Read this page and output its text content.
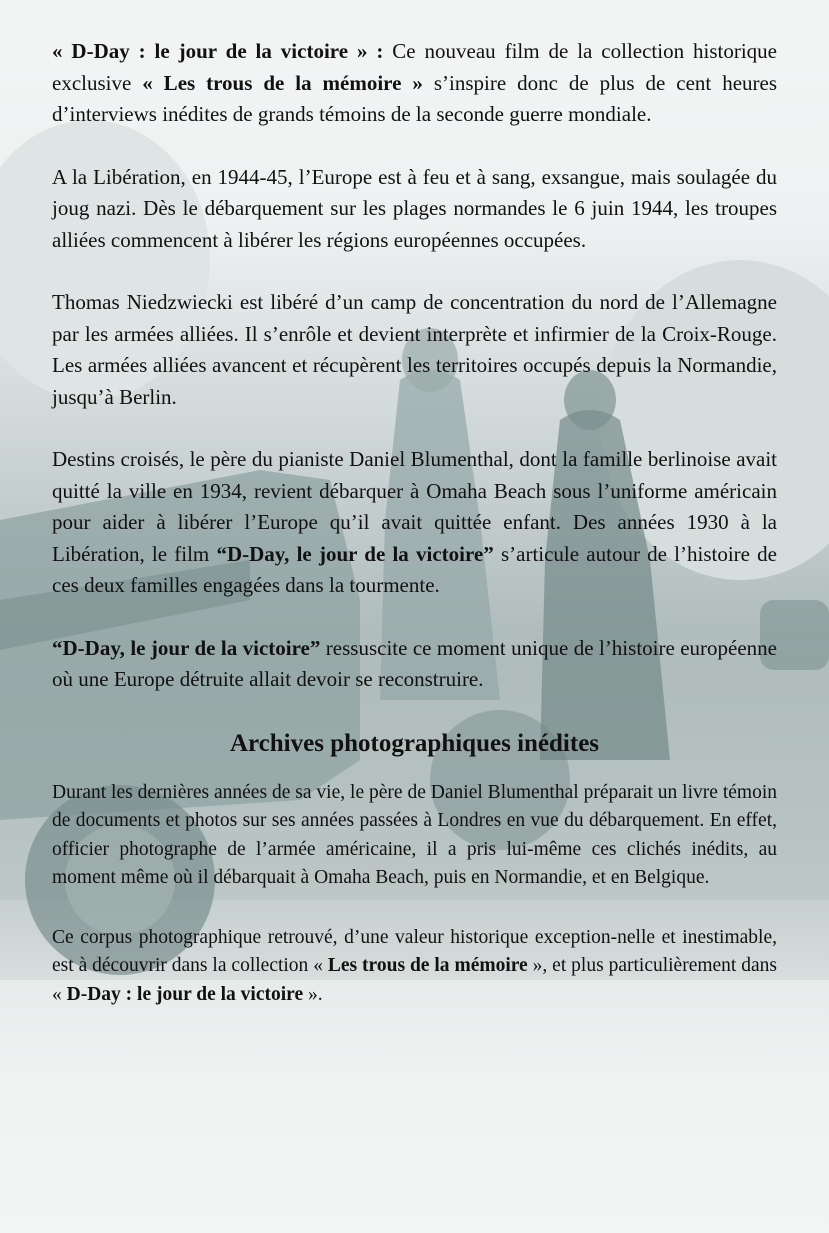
« D-Day : le jour de la victoire » : Ce nouveau film de la collection historique exclusive « Les trous de la mémoire » s’inspire donc de plus de cent heures d’interviews inédites de grands témoins de la seconde guerre mondiale.

A la Libération, en 1944-45, l’Europe est à feu et à sang, exsangue, mais soulagée du joug nazi. Dès le débarquement sur les plages normandes le 6 juin 1944, les troupes alliées commencent à libérer les régions européennes occupées.

Thomas Niedzwiecki est libéré d’un camp de concentration du nord de l’Allemagne par les armées alliées. Il s’enrôle et devient interprète et infirmier de la Croix-Rouge. Les armées alliées avancent et récupèrent les territoires occupés depuis la Normandie, jusqu’à Berlin.

Destins croisés, le père du pianiste Daniel Blumenthal, dont la famille berlinoise avait quitté la ville en 1934, revient débarquer à Omaha Beach sous l’uniforme américain pour aider à libérer l’Europe qu’il avait quittée enfant. Des années 1930 à la Libération, le film “D-Day, le jour de la victoire” s’articule autour de l’histoire de ces deux familles engagées dans la tourmente.

“D-Day, le jour de la victoire” ressuscite ce moment unique de l’histoire européenne où une Europe détruite allait devoir se reconstruire.

Archives photographiques inédites

Durant les dernières années de sa vie, le père de Daniel Blumenthal préparait un livre témoin de documents et photos sur ses années passées à Londres en vue du débarquement. En effet, officier photographe de l’armée américaine, il a pris lui-même ces clichés inédits, au moment même où il débarquait à Omaha Beach, puis en Normandie, et en Belgique.

Ce corpus photographique retrouvé, d’une valeur historique exception-nelle et inestimable, est à découvrir dans la collection « Les trous de la mémoire », et plus particulièrement dans « D-Day : le jour de la victoire ».
